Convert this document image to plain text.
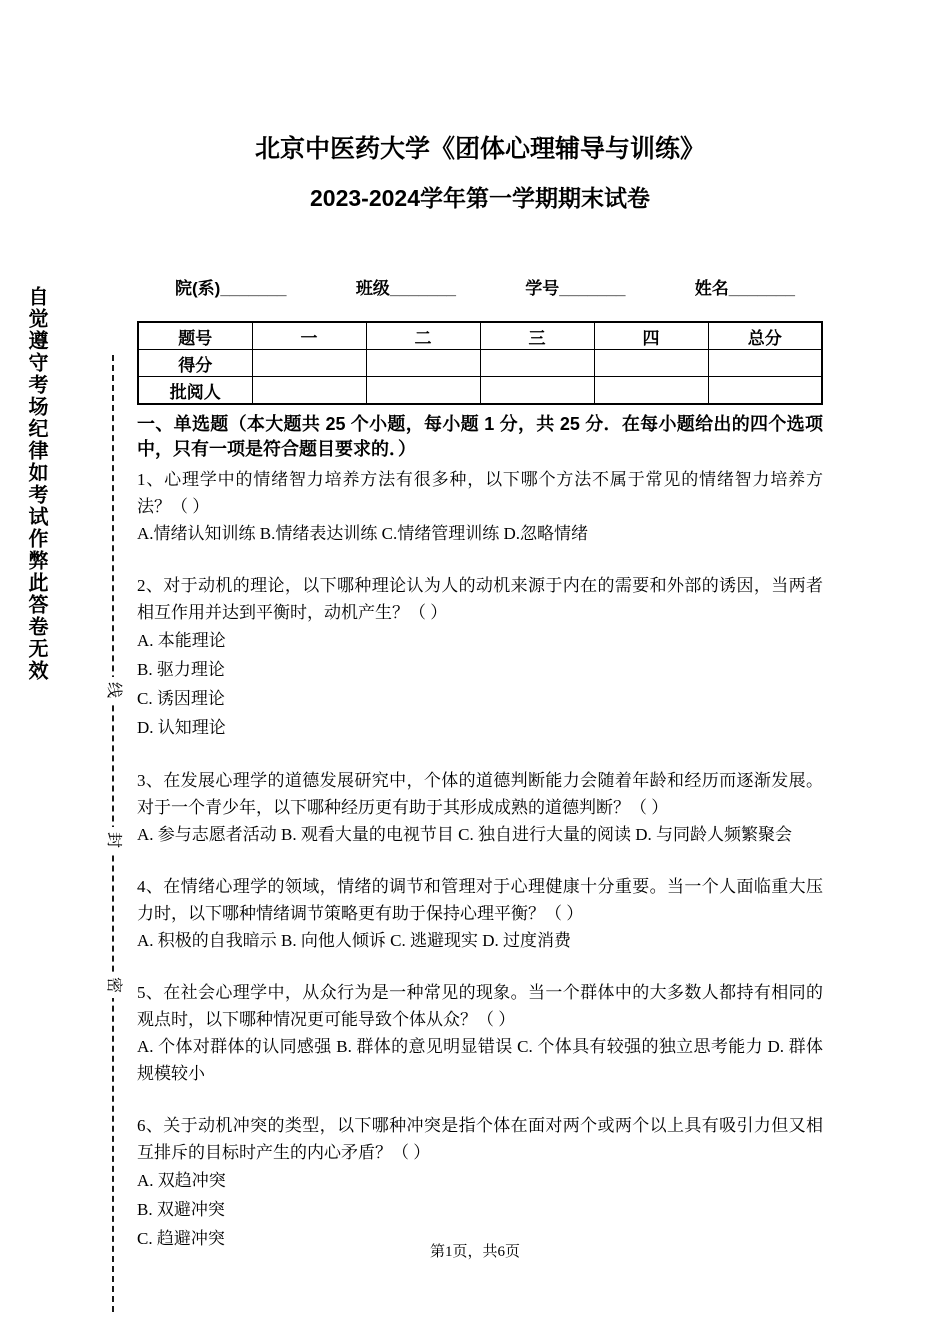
自觉遵守考场纪律如考试作弊此答卷无效
线
封
密
北京中医药大学《团体心理辅导与训练》
2023-2024学年第一学期期末试卷
院(系)_______	班级_______	学号_______	姓名_______
题号	一	二	三	四	总分
得分					
批阅人					

一、单选题（本大题共 25 个小题，每小题 1 分，共 25 分．在每小题给出的四个选项中，只有一项是符合题目要求的．）

1、心理学中的情绪智力培养方法有很多种，以下哪个方法不属于常见的情绪智力培养方法？（ ）

A.情绪认知训练 B.情绪表达训练 C.情绪管理训练 D.忽略情绪

2、对于动机的理论，以下哪种理论认为人的动机来源于内在的需要和外部的诱因，当两者相互作用并达到平衡时，动机产生？（ ）

A. 本能理论

B. 驱力理论

C. 诱因理论

D. 认知理论

3、在发展心理学的道德发展研究中，个体的道德判断能力会随着年龄和经历而逐渐发展。对于一个青少年，以下哪种经历更有助于其形成成熟的道德判断？（ ）

A. 参与志愿者活动 B. 观看大量的电视节目 C. 独自进行大量的阅读 D. 与同龄人频繁聚会

4、在情绪心理学的领域，情绪的调节和管理对于心理健康十分重要。当一个人面临重大压力时，以下哪种情绪调节策略更有助于保持心理平衡？（ ）

A. 积极的自我暗示 B. 向他人倾诉 C. 逃避现实 D. 过度消费

5、在社会心理学中，从众行为是一种常见的现象。当一个群体中的大多数人都持有相同的观点时，以下哪种情况更可能导致个体从众？（ ）

A. 个体对群体的认同感强 B. 群体的意见明显错误 C. 个体具有较强的独立思考能力 D. 群体规模较小

6、关于动机冲突的类型，以下哪种冲突是指个体在面对两个或两个以上具有吸引力但又相互排斥的目标时产生的内心矛盾？（ ）

A. 双趋冲突

B. 双避冲突

C. 趋避冲突

第1页，共6页
